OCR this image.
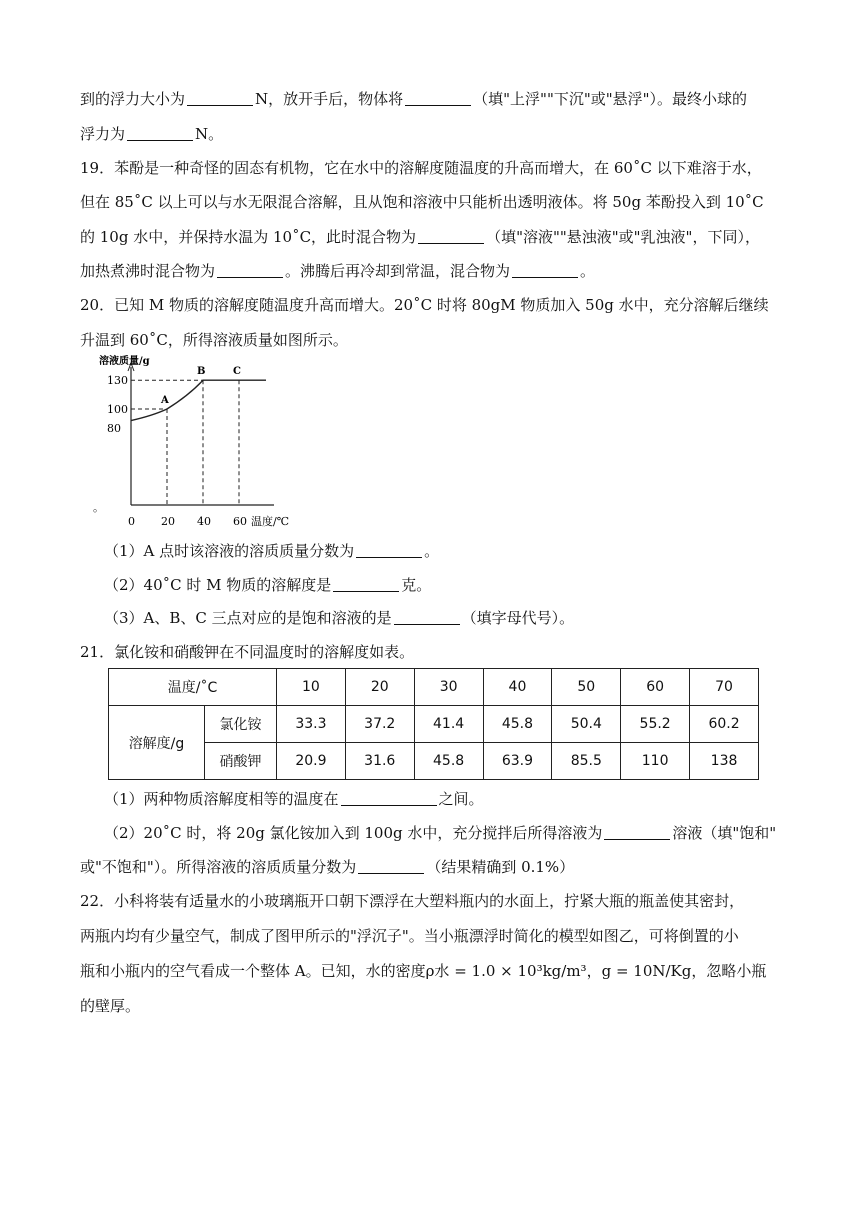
到的浮力大小为	N，放开手后，物体将	（填"上浮""下沉"或"悬浮"）。最终小球的
浮力为	N。
19．苯酚是一种奇怪的固态有机物，它在水中的溶解度随温度的升高而增大，在 60˚C 以下难溶于水，
但在 85˚C 以上可以与水无限混合溶解，且从饱和溶液中只能析出透明液体。将 50g 苯酚投入到 10˚C
的 10g 水中，并保持水温为 10˚C，此时混合物为	（填"溶液""悬浊液"或"乳浊液"，下同），
加热煮沸时混合物为	。沸腾后再冷却到常温，混合物为	。
20．已知 M 物质的溶解度随温度升高而增大。20˚C 时将 80gM 物质加入 50g 水中，充分溶解后继续
升温到 60˚C，所得溶液质量如图所示。
溶液质量/g
温度/℃
0 20 40 60
80
100
130
。
A
B	C
（1）A 点时该溶液的溶质质量分数为	。
（2）40˚C 时 M 物质的溶解度是	克。
（3）A、B、C 三点对应的是饱和溶液的是	（填字母代号）。
21．氯化铵和硝酸钾在不同温度时的溶解度如表。
温度/˚C		10	20	30	40	50	60	70
溶解度/g	氯化铵	33.3	37.2	41.4	45.8	50.4	55.2	60.2
	硝酸钾	20.9	31.6	45.8	63.9	85.5	110	138
（1）两种物质溶解度相等的温度在	之间。
（2）20˚C 时，将 20g 氯化铵加入到 100g 水中，充分搅拌后所得溶液为	溶液（填"饱和"
或"不饱和"）。所得溶液的溶质质量分数为	（结果精确到 0.1%）
22．小科将装有适量水的小玻璃瓶开口朝下漂浮在大塑料瓶内的水面上，拧紧大瓶的瓶盖使其密封，
两瓶内均有少量空气，制成了图甲所示的"浮沉子"。当小瓶漂浮时简化的模型如图乙，可将倒置的小
瓶和小瓶内的空气看成一个整体 A。已知，水的密度ρ水 = 1.0 × 10³kg/m³，g = 10N/Kg，忽略小瓶
的壁厚。
